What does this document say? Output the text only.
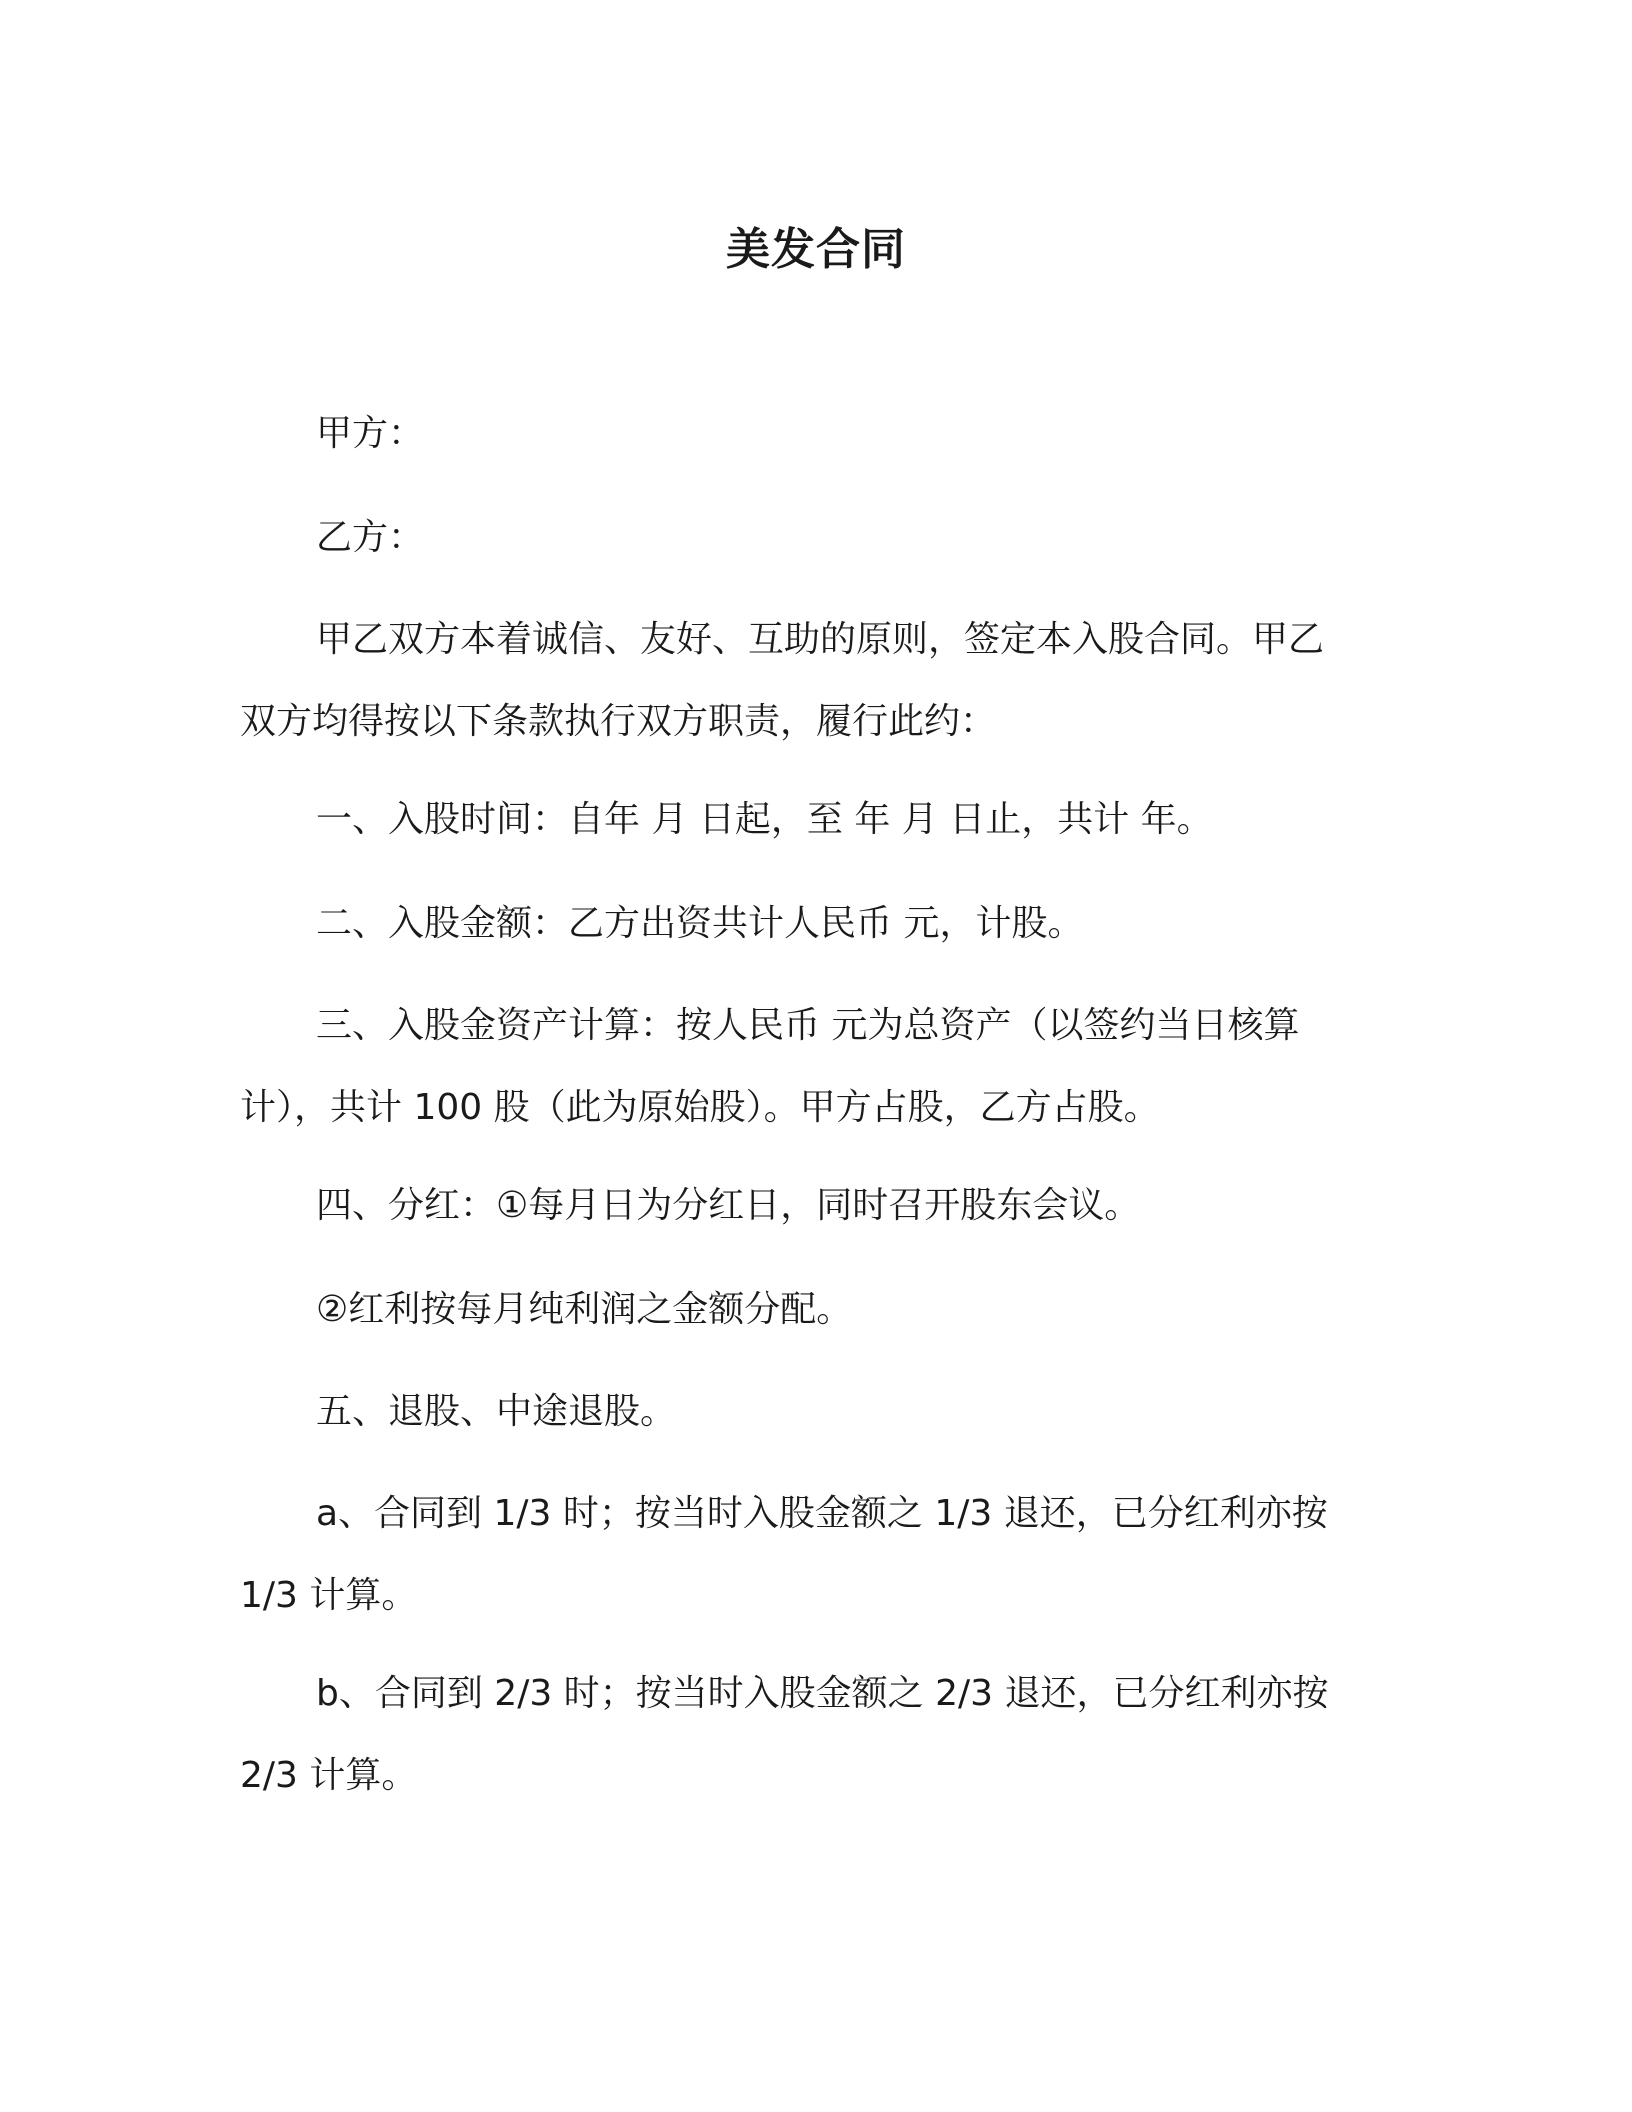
美发合同

甲方：

乙方：

甲乙双方本着诚信、友好、互助的原则，签定本入股合同。甲乙
双方均得按以下条款执行双方职责，履行此约：

一、入股时间：自年 月 日起，至 年 月 日止，共计 年。

二、入股金额：乙方出资共计人民币 元，计股。

三、入股金资产计算：按人民币 元为总资产（以签约当日核算
计），共计 100 股（此为原始股）。甲方占股，乙方占股。

四、分红：①每月日为分红日，同时召开股东会议。

②红利按每月纯利润之金额分配。

五、退股、中途退股。

a、合同到 1/3 时；按当时入股金额之 1/3 退还，已分红利亦按
1/3 计算。

b、合同到 2/3 时；按当时入股金额之 2/3 退还，已分红利亦按
2/3 计算。
